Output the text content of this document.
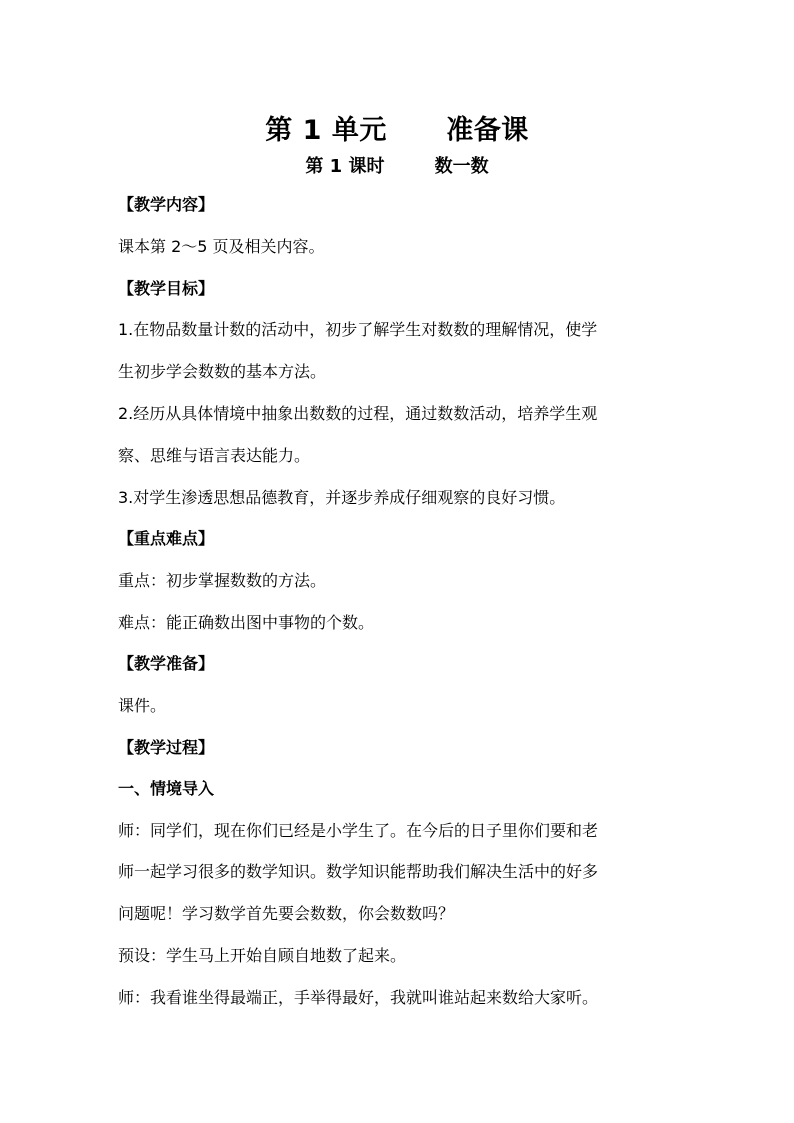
第 1 单元      准备课
第 1 课时        数一数
【教学内容】
课本第 2～5 页及相关内容。
【教学目标】
1.在物品数量计数的活动中，初步了解学生对数数的理解情况，使学
生初步学会数数的基本方法。
2.经历从具体情境中抽象出数数的过程，通过数数活动，培养学生观
察、思维与语言表达能力。
3.对学生渗透思想品德教育，并逐步养成仔细观察的良好习惯。
【重点难点】
重点：初步掌握数数的方法。
难点：能正确数出图中事物的个数。
【教学准备】
课件。
【教学过程】
一、情境导入
师：同学们，现在你们已经是小学生了。在今后的日子里你们要和老
师一起学习很多的数学知识。数学知识能帮助我们解决生活中的好多
问题呢！学习数学首先要会数数，你会数数吗？
预设：学生马上开始自顾自地数了起来。
师：我看谁坐得最端正，手举得最好，我就叫谁站起来数给大家听。
